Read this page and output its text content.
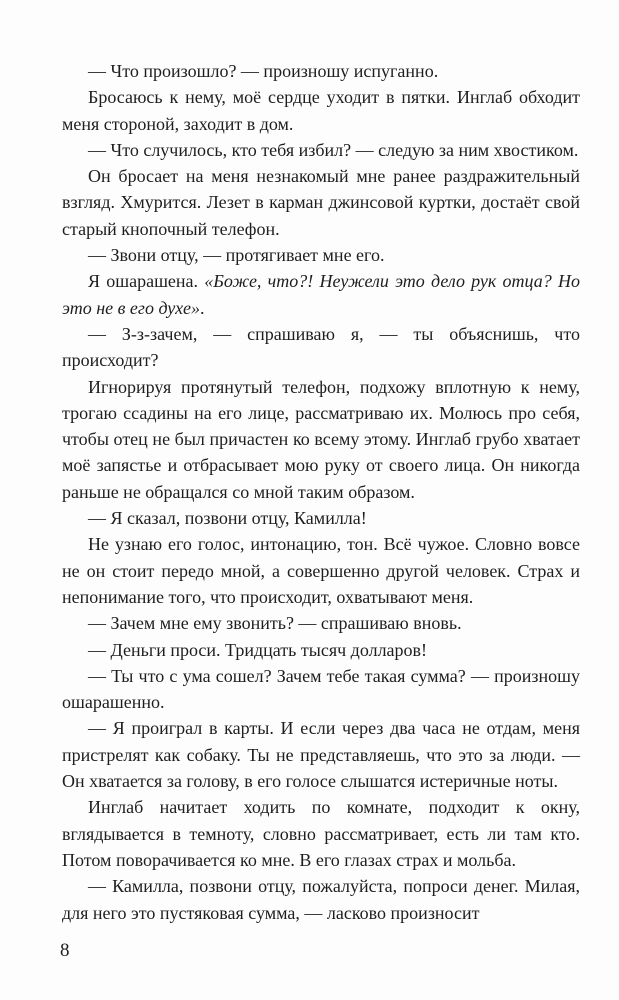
— Что произошло? — произношу испуганно.

Бросаюсь к нему, моё сердце уходит в пятки. Инглаб обходит меня стороной, заходит в дом.

— Что случилось, кто тебя избил? — следую за ним хвостиком.

Он бросает на меня незнакомый мне ранее раздражительный взгляд. Хмурится. Лезет в карман джинсовой куртки, достаёт свой старый кнопочный телефон.

— Звони отцу, — протягивает мне его.

Я ошарашена. «Боже, что?! Неужели это дело рук отца? Но это не в его духе».

— З-з-зачем, — спрашиваю я, — ты объяснишь, что происходит?

Игнорируя протянутый телефон, подхожу вплотную к нему, трогаю ссадины на его лице, рассматриваю их. Молюсь про себя, чтобы отец не был причастен ко всему этому. Инглаб грубо хватает моё запястье и отбрасывает мою руку от своего лица. Он никогда раньше не обращался со мной таким образом.

— Я сказал, позвони отцу, Камилла!

Не узнаю его голос, интонацию, тон. Всё чужое. Словно вовсе не он стоит передо мной, а совершенно другой человек. Страх и непонимание того, что происходит, охватывают меня.

— Зачем мне ему звонить? — спрашиваю вновь.

— Деньги проси. Тридцать тысяч долларов!

— Ты что с ума сошел? Зачем тебе такая сумма? — произношу ошарашенно.

— Я проиграл в карты. И если через два часа не отдам, меня пристрелят как собаку. Ты не представляешь, что это за люди. — Он хватается за голову, в его голосе слышатся истеричные ноты.

Инглаб начитает ходить по комнате, подходит к окну, вглядывается в темноту, словно рассматривает, есть ли там кто. Потом поворачивается ко мне. В его глазах страх и мольба.

— Камилла, позвони отцу, пожалуйста, попроси денег. Милая, для него это пустяковая сумма, — ласково произносит

8
